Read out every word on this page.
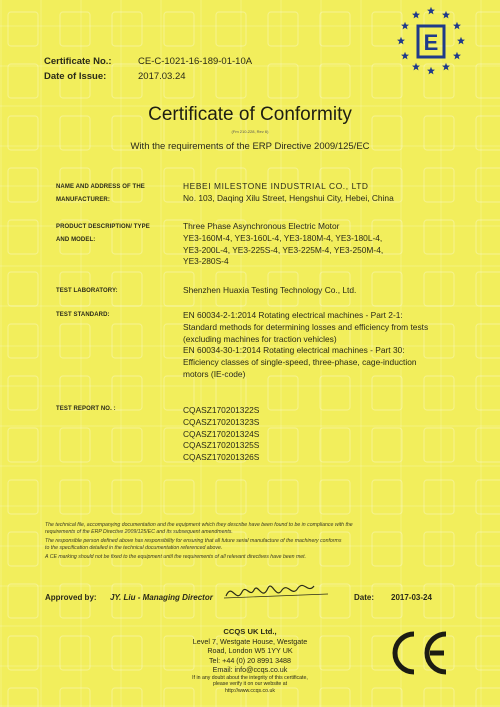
Certificate No.:	CE-C-1021-16-189-01-10A
Date of Issue:	2017.03.24
E
Certificate of Conformity
(Fm 210-228, Rev 6)
With the requirements of the ERP Directive 2009/125/EC
NAME AND ADDRESS OF THE
MANUFACTURER:
HEBEI MILESTONE INDUSTRIAL CO., LTD
No. 103, Daqing Xilu Street, Hengshui City, Hebei, China
PRODUCT DESCRIPTION/ TYPE
AND MODEL:
Three Phase Asynchronous Electric Motor
YE3-160M-4, YE3-160L-4, YE3-180M-4, YE3-180L-4,
YE3-200L-4, YE3-225S-4, YE3-225M-4, YE3-250M-4,
YE3-280S-4
TEST LABORATORY:	Shenzhen Huaxia Testing Technology Co., Ltd.
TEST STANDARD:	EN 60034-2-1:2014 Rotating electrical machines - Part 2-1:
Standard methods for determining losses and efficiency from tests
(excluding machines for traction vehicles)
EN 60034-30-1:2014 Rotating electrical machines - Part 30:
Efficiency classes of single-speed, three-phase, cage-induction
motors (IE-code)
TEST REPORT NO. :	CQASZ170201322S
CQASZ170201323S
CQASZ170201324S
CQASZ170201325S
CQASZ170201326S
The technical file, accompanying documentation and the equipment which they describe have been found to be in compliance with the
requirements of the ERP Directive 2009/125/EC and its subsequent amendments.
The responsible person defined above has responsibility for ensuring that all future serial manufacture of the machinery conforms
to the specification detailed in the technical documentation referenced above.
A CE marking should not be fixed to the equipment until the requirements of all relevant directives have been met.
Approved by: JY. Liu - Managing Director	Date: 2017-03-24
CCQS UK Ltd.,
Level 7, Westgate House, Westgate
Road, London W5 1YY UK
Tel: +44 (0) 20 8991 3488
Email: info@ccqs.co.uk
If in any doubt about the integrity of this certificate,
please verify it on our website at
http://www.ccqs.co.uk
